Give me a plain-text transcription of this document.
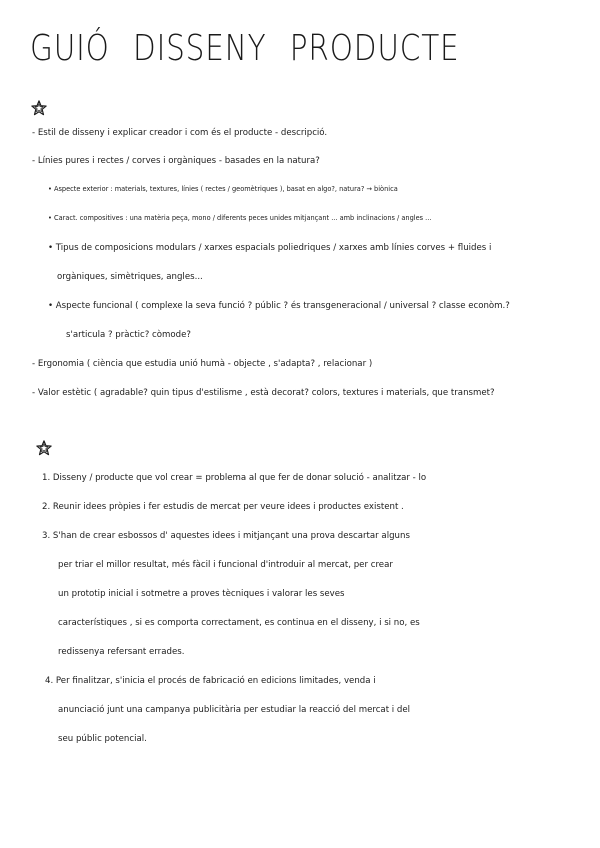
GUIÓ DISSENY PRODUCTE
- Estil de disseny i explicar creador i com és el producte - descripció.
- Línies pures i rectes / corves i orgàniques - basades en la natura?
• Aspecte exterior : materials, textures, línies ( rectes / geomètriques ), basat en algo?, natura? → biònica
• Caract. compositives : una matèria peça, mono / diferents peces unides mitjançant ... amb inclinacions / angles ...
• Tipus de composicions modulars / xarxes espacials poliedriques / xarxes amb línies corves + fluides i
orgàniques, simètriques, angles...
• Aspecte funcional ( complexe la seva funció ? públic ? és transgeneracional / universal ? classe econòm.?
s'articula ? pràctic? còmode?
- Ergonomia ( ciència que estudia unió humà - objecte , s'adapta? , relacionar )
- Valor estètic ( agradable? quin tipus d'estilisme , està decorat? colors, textures i materials, que transmet?
1. Disseny / producte que vol crear = problema al que fer de donar solució - analitzar - lo
2. Reunir idees pròpies i fer estudis de mercat per veure idees i productes existent .
3. S'han de crear esbossos d' aquestes idees i mitjançant una prova descartar alguns
per triar el millor resultat, més fàcil i funcional d'introduir al mercat, per crear
un prototip inicial i sotmetre a proves tècniques i valorar les seves
característiques , si es comporta correctament, es continua en el disseny, i si no, es
redissenya refersant errades.
4. Per finalitzar, s'inicia el procés de fabricació en edicions limitades, venda i
anunciació junt una campanya publicitària per estudiar la reacció del mercat i del
seu públic potencial.
